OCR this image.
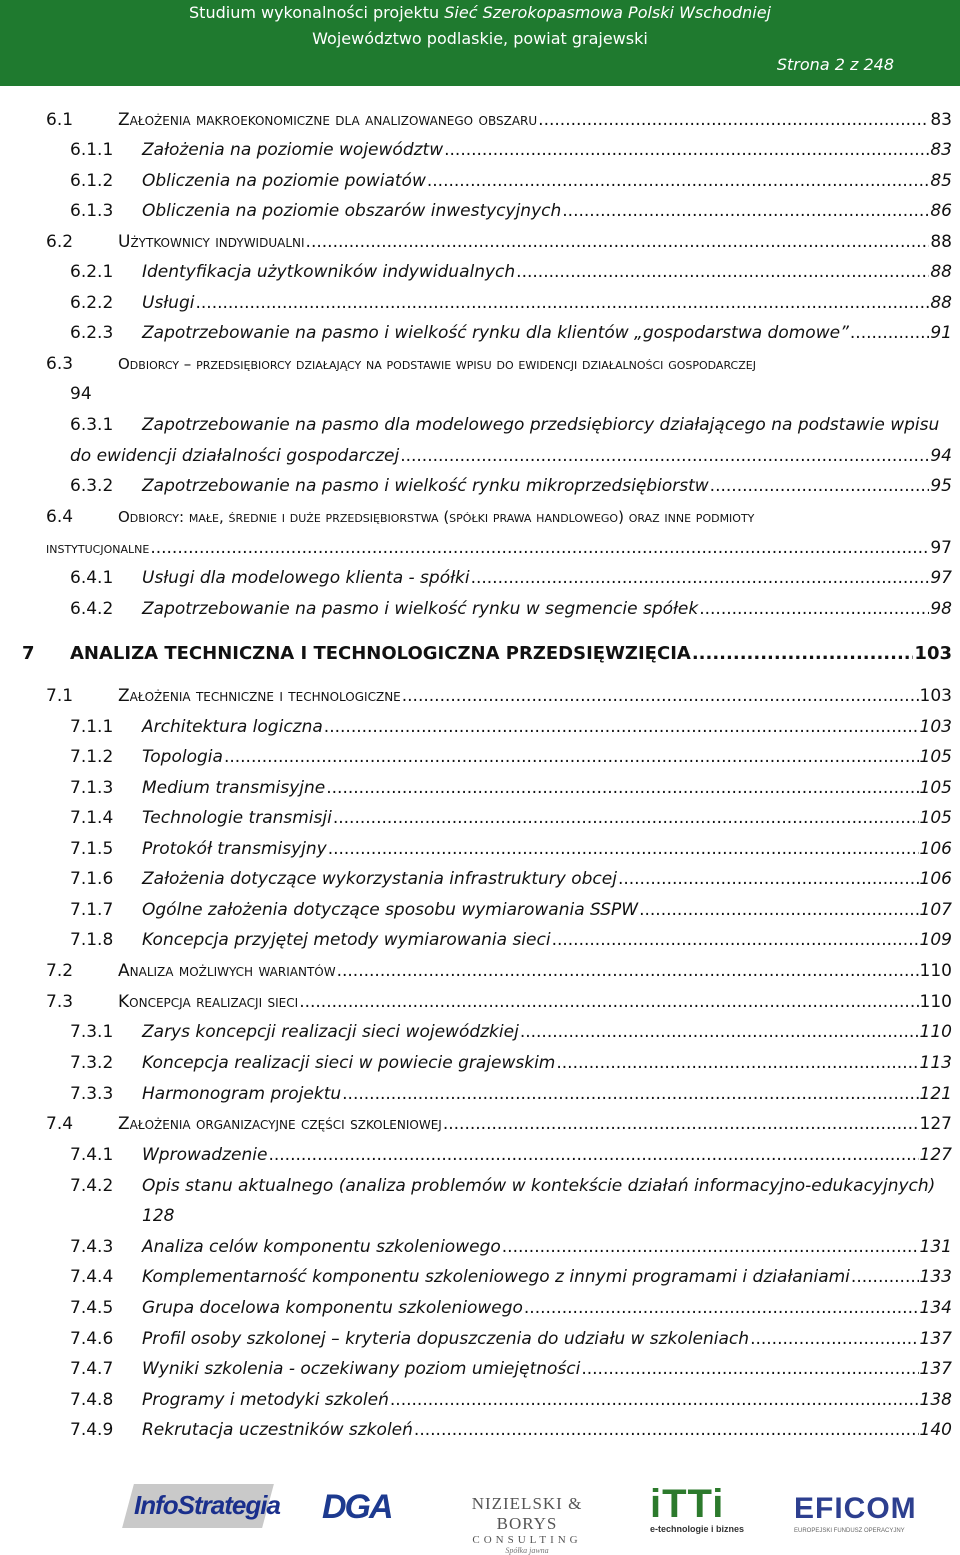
Studium wykonalności projektu Sieć Szerokopasmowa Polski Wschodniej
Województwo podlaskie, powiat grajewski
Strona 2 z 248
6.1	Założenia makroekonomiczne dla analizowanego obszaru .....	83
6.1.1	Założenia na poziomie województw .....	83
6.1.2	Obliczenia na poziomie powiatów .....	85
6.1.3	Obliczenia na poziomie obszarów inwestycyjnych .....	86
6.2	Użytkownicy indywidualni .....	88
6.2.1	Identyfikacja użytkowników indywidualnych .....	88
6.2.2	Usługi .....	88
6.2.3	Zapotrzebowanie na pasmo i wielkość rynku dla klientów „gospodarstwa domowe” .....	91
6.3	Odbiorcy – przedsiębiorcy działający na podstawie wpisu do ewidencji działalności gospodarczej
94
6.3.1	Zapotrzebowanie na pasmo dla modelowego przedsiębiorcy działającego na podstawie wpisu
do ewidencji działalności gospodarczej .....	94
6.3.2	Zapotrzebowanie na pasmo i wielkość rynku mikroprzedsiębiorstw .....	95
6.4	Odbiorcy: małe, średnie i duże przedsiębiorstwa (spółki prawa handlowego) oraz inne podmioty
instytucjonalne .....	97
6.4.1	Usługi dla modelowego klienta - spółki .....	97
6.4.2	Zapotrzebowanie na pasmo i wielkość rynku w segmencie spółek .....	98
7	ANALIZA TECHNICZNA I TECHNOLOGICZNA PRZEDSIĘWZIĘCIA .....	103
7.1	Założenia techniczne i technologiczne .....	103
7.1.1	Architektura logiczna .....	103
7.1.2	Topologia .....	105
7.1.3	Medium transmisyjne .....	105
7.1.4	Technologie transmisji .....	105
7.1.5	Protokół transmisyjny .....	106
7.1.6	Założenia dotyczące wykorzystania infrastruktury obcej .....	106
7.1.7	Ogólne założenia dotyczące sposobu wymiarowania SSPW .....	107
7.1.8	Koncepcja przyjętej metody wymiarowania sieci .....	109
7.2	Analiza możliwych wariantów .....	110
7.3	Koncepcja realizacji sieci .....	110
7.3.1	Zarys koncepcji realizacji sieci wojewódzkiej .....	110
7.3.2	Koncepcja realizacji sieci w powiecie grajewskim .....	113
7.3.3	Harmonogram projektu .....	121
7.4	Założenia organizacyjne części szkoleniowej .....	127
7.4.1	Wprowadzenie .....	127
7.4.2	Opis stanu aktualnego (analiza problemów w kontekście działań informacyjno-edukacyjnych)
128
7.4.3	Analiza celów komponentu szkoleniowego .....	131
7.4.4	Komplementarność komponentu szkoleniowego z innymi programami i działaniami .....	133
7.4.5	Grupa docelowa komponentu szkoleniowego .....	134
7.4.6	Profil osoby szkolonej – kryteria dopuszczenia do udziału w szkoleniach .....	137
7.4.7	Wyniki szkolenia - oczekiwany poziom umiejętności .....	137
7.4.8	Programy i metodyki szkoleń .....	138
7.4.9	Rekrutacja uczestników szkoleń .....	140
InfoStrategia DGA	NIZIELSKI & BORYS
CONSULTING
Spółka jawna
iTTi
e-technologie i biznes
EFICOM
EUROPEJSKI FUNDUSZ OPERACYJNY
